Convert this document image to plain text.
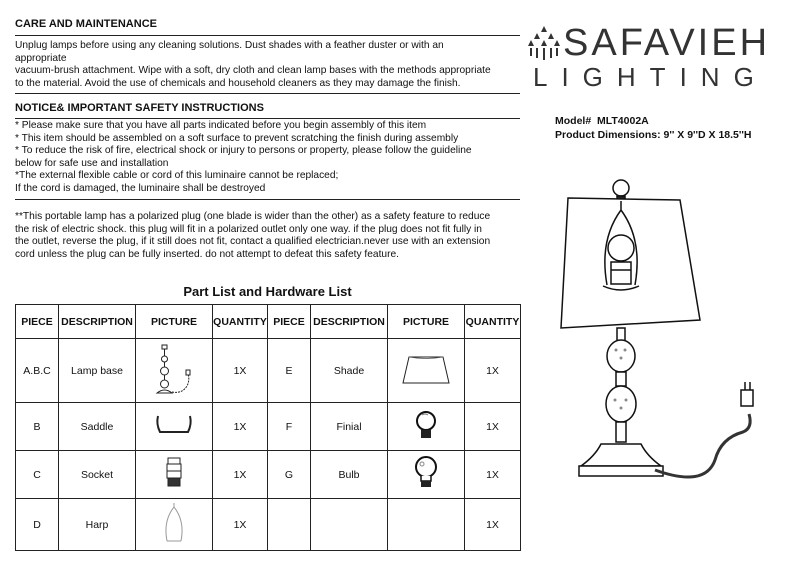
CARE AND MAINTENANCE
Unplug lamps before using any cleaning solutions. Dust shades with a feather duster or with an
appropriate
vacuum-brush attachment. Wipe with a soft, dry cloth and clean lamp bases with the methods appropriate
to the material. Avoid the use of chemicals and household cleaners as they may damage the finish.
NOTICE& IMPORTANT SAFETY INSTRUCTIONS
* Please make sure that you have all parts indicated before you begin assembly of this item
* This item should be assembled on a soft surface to prevent scratching the finish during assembly
* To reduce the risk of fire, electrical shock or injury to persons or property, please follow the guideline
below for safe use and installation
*The external flexible cable or cord of this luminaire cannot be replaced;
If the cord is damaged, the luminaire shall be destroyed
**This portable lamp has a polarized plug (one blade is wider than the other) as a safety feature to reduce
the risk of electric shock. this plug will fit in a polarized outlet only one way. if the plug does not fit fully in
the outlet, reverse the plug, if it still does not fit, contact a qualified electrician.never use with an extension
cord unless the plug can be fully inserted. do not attempt to defeat this safety feature.
Part List and Hardware List
PIECE	DESCRIPTION	PICTURE	QUANTITY	PIECE	DESCRIPTION	PICTURE	QUANTITY
A.B.C	Lamp base		1X	E	Shade		1X
B	Saddle		1X	F	Finial		1X
C	Socket		1X	G	Bulb		1X
D	Harp		1X				1X
SAFAVIEH
LIGHTING
Model# MLT4002A
Product Dimensions: 9'' X 9''D X 18.5''H
